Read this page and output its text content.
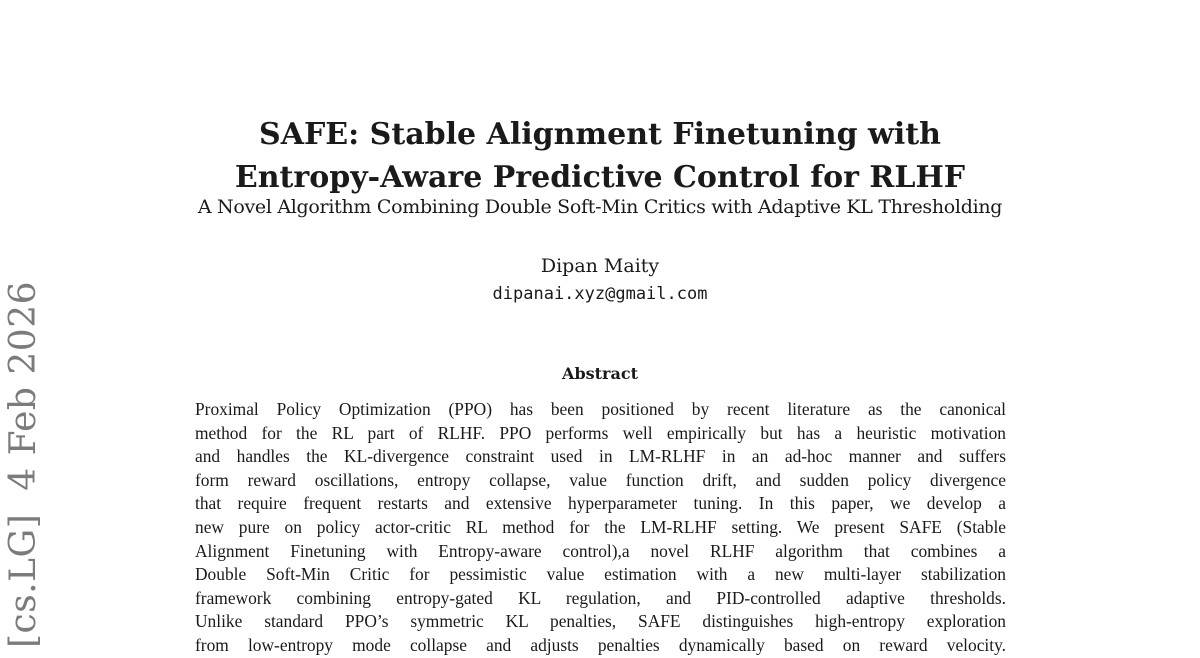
[cs.LG]  4 Feb 2026
SAFE: Stable Alignment Finetuning with
Entropy-Aware Predictive Control for RLHF
A Novel Algorithm Combining Double Soft-Min Critics with Adaptive KL Thresholding
Dipan Maity
dipanai.xyz@gmail.com
Abstract
Proximal Policy Optimization (PPO) has been positioned by recent literature as the canonical
method for the RL part of RLHF. PPO performs well empirically but has a heuristic motivation
and handles the KL-divergence constraint used in LM-RLHF in an ad-hoc manner and suffers
form reward oscillations, entropy collapse, value function drift, and sudden policy divergence
that require frequent restarts and extensive hyperparameter tuning. In this paper, we develop a
new pure on policy actor-critic RL method for the LM-RLHF setting. We present SAFE (Stable
Alignment Finetuning with Entropy-aware control),a novel RLHF algorithm that combines a
Double Soft-Min Critic for pessimistic value estimation with a new multi-layer stabilization
framework combining entropy-gated KL regulation, and PID-controlled adaptive thresholds.
Unlike standard PPO’s symmetric KL penalties, SAFE distinguishes high-entropy exploration
from low-entropy mode collapse and adjusts penalties dynamically based on reward velocity.
